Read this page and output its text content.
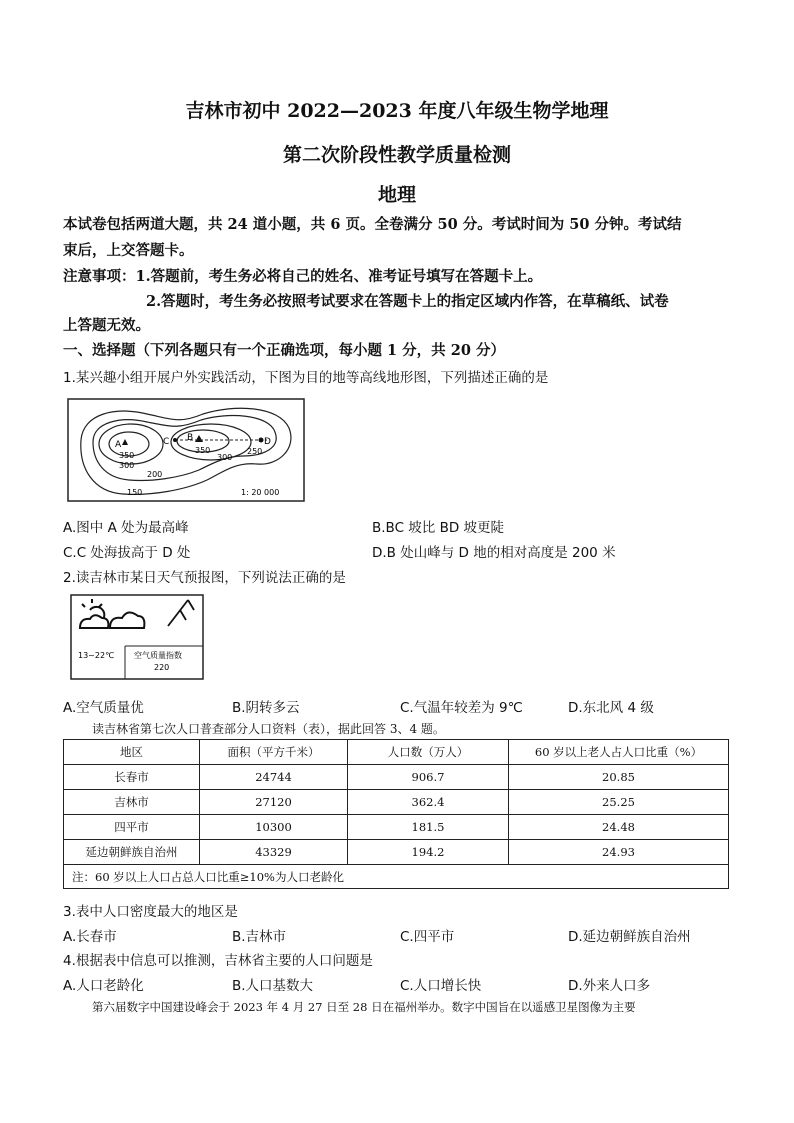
吉林市初中 2022—2023 年度八年级生物学地理
第二次阶段性教学质量检测
地理
本试卷包括两道大题，共 24 道小题，共 6 页。全卷满分 50 分。考试时间为 50 分钟。考试结
束后，上交答题卡。
注意事项：1.答题前，考生务必将自己的姓名、准考证号填写在答题卡上。
2.答题时，考生务必按照考试要求在答题卡上的指定区域内作答，在草稿纸、试卷
上答题无效。
一、选择题（下列各题只有一个正确选项，每小题 1 分，共 20 分）
1.某兴趣小组开展户外实践活动，下图为目的地等高线地形图，下列描述正确的是
A	C B	D
350
300
350
300
250
200
150	1: 20 000
A.图中 A 处为最高峰	B.BC 坡比 BD 坡更陡
C.C 处海拔高于 D 处	D.B 处山峰与 D 地的相对高度是 200 米
2.读吉林市某日天气预报图，下列说法正确的是
13~22℃ 空气质量指数
220
A.空气质量优	B.阴转多云	C.气温年较差为 9℃	D.东北风 4 级
读吉林省第七次人口普查部分人口资料（表），据此回答 3、4 题。
地区	面积（平方千米）	人口数（万人）	60 岁以上老人占人口比重（%）
长春市	24744	906.7	20.85
吉林市	27120	362.4	25.25
四平市	10300	181.5	24.48
延边朝鲜族自治州	43329	194.2	24.93
注：60 岁以上人口占总人口比重≥10%为人口老龄化			
3.表中人口密度最大的地区是
A.长春市	B.吉林市	C.四平市	D.延边朝鲜族自治州
4.根据表中信息可以推测，吉林省主要的人口问题是
A.人口老龄化	B.人口基数大	C.人口增长快	D.外来人口多
第六届数字中国建设峰会于 2023 年 4 月 27 日至 28 日在福州举办。数字中国旨在以遥感卫星图像为主要
